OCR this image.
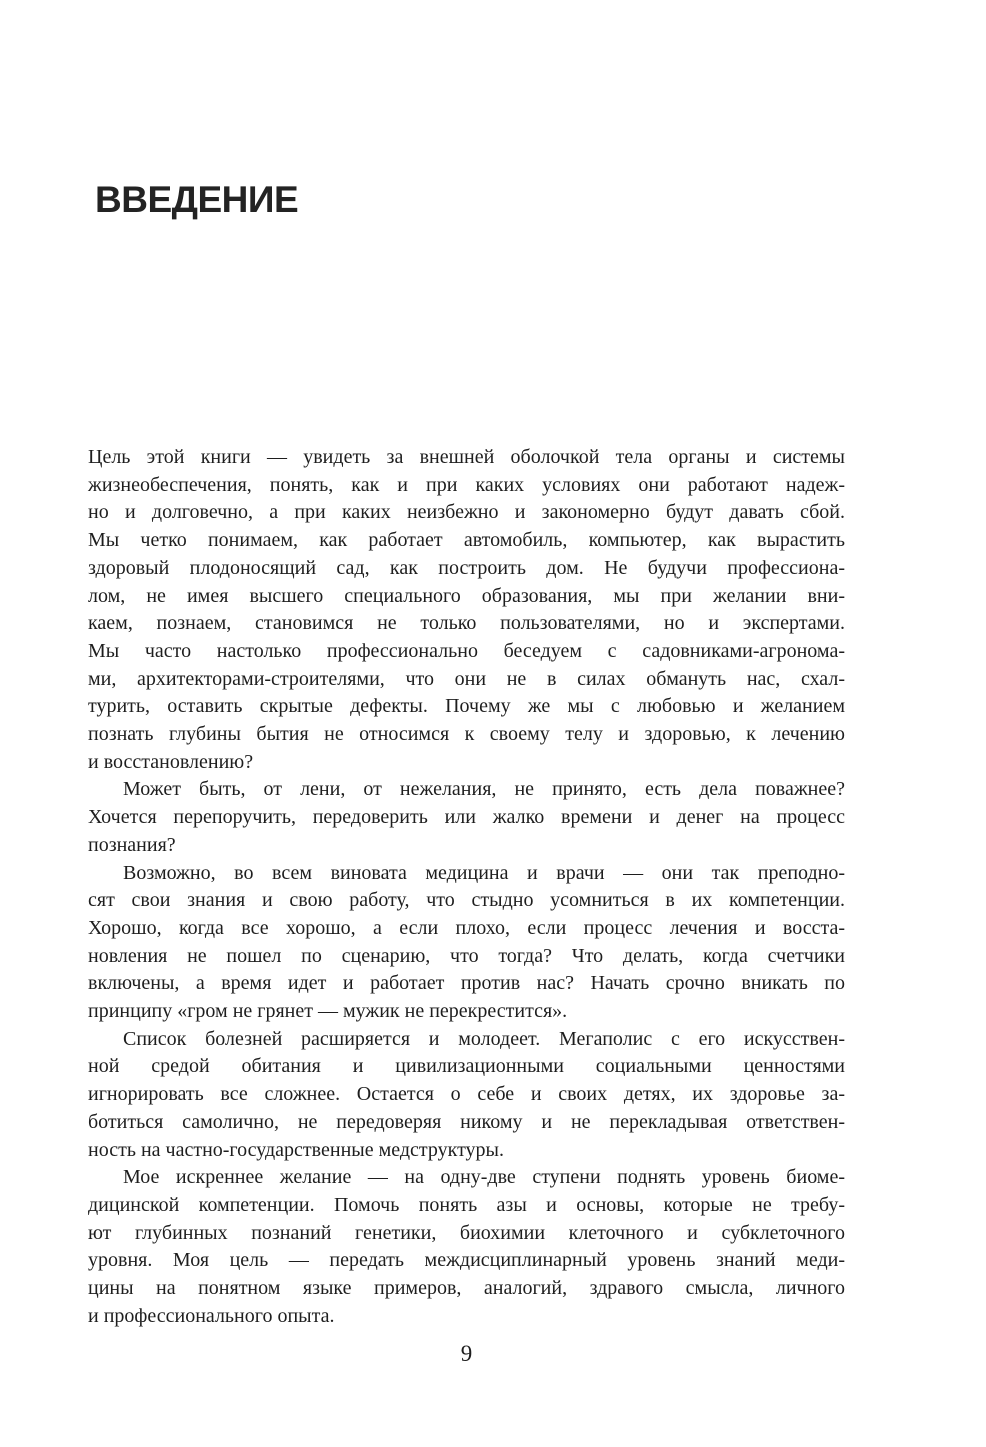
ВВЕДЕНИЕ
Цель этой книги — увидеть за внешней оболочкой тела органы и системы
жизнеобеспечения, понять, как и при каких условиях они работают надеж-
но и долговечно, а при каких неизбежно и закономерно будут давать сбой.
Мы четко понимаем, как работает автомобиль, компьютер, как вырастить
здоровый плодоносящий сад, как построить дом. Не будучи профессиона-
лом, не имея высшего специального образования, мы при желании вни-
каем, познаем, становимся не только пользователями, но и экспертами.
Мы часто настолько профессионально беседуем с садовниками-агронома-
ми, архитекторами-строителями, что они не в силах обмануть нас, схал-
турить, оставить скрытые дефекты. Почему же мы с любовью и желанием
познать глубины бытия не относимся к своему телу и здоровью, к лечению
и восстановлению?
Может быть, от лени, от нежелания, не принято, есть дела поважнее?
Хочется перепоручить, передоверить или жалко времени и денег на процесс
познания?
Возможно, во всем виновата медицина и врачи — они так преподно-
сят свои знания и свою работу, что стыдно усомниться в их компетенции.
Хорошо, когда все хорошо, а если плохо, если процесс лечения и восста-
новления не пошел по сценарию, что тогда? Что делать, когда счетчики
включены, а время идет и работает против нас? Начать срочно вникать по
принципу «гром не грянет — мужик не перекрестится».
Список болезней расширяется и молодеет. Мегаполис с его искусствен-
ной средой обитания и цивилизационными социальными ценностями
игнорировать все сложнее. Остается о себе и своих детях, их здоровье за-
ботиться самолично, не передоверяя никому и не перекладывая ответствен-
ность на частно-государственные медструктуры.
Мое искреннее желание — на одну-две ступени поднять уровень биоме-
дицинской компетенции. Помочь понять азы и основы, которые не требу-
ют глубинных познаний генетики, биохимии клеточного и субклеточного
уровня. Моя цель — передать междисциплинарный уровень знаний меди-
цины на понятном языке примеров, аналогий, здравого смысла, личного
и профессионального опыта.
9
